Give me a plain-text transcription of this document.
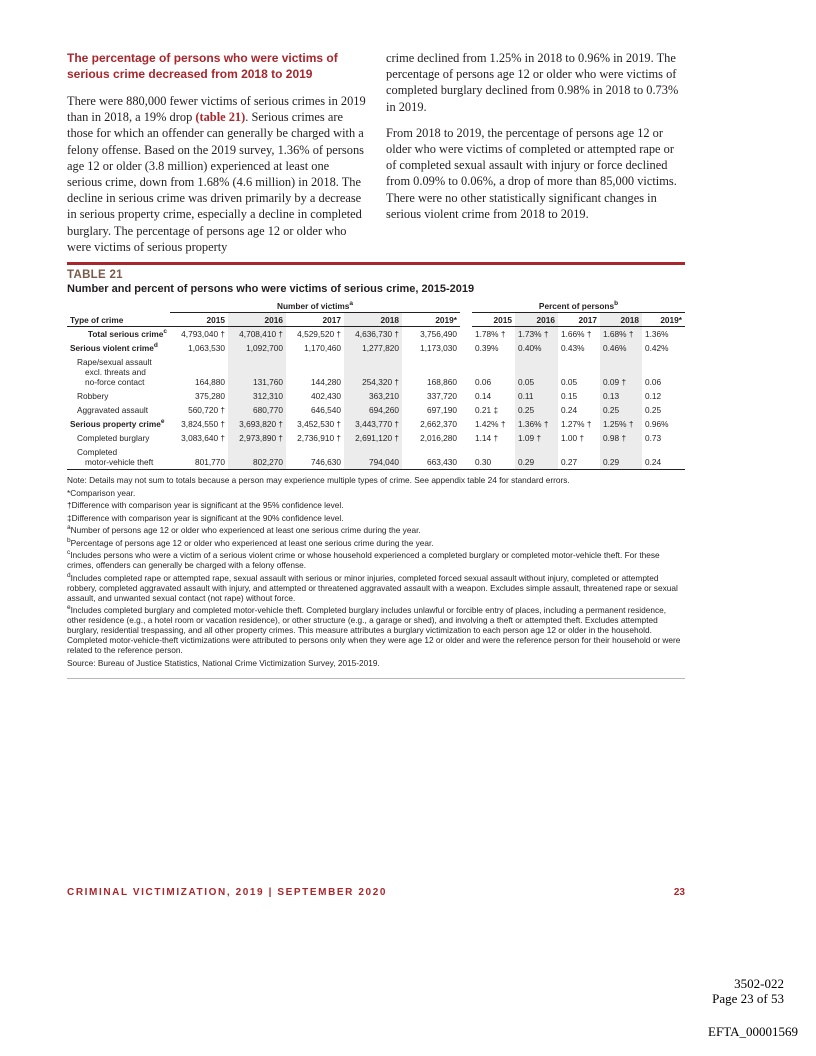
The percentage of persons who were victims of serious crime decreased from 2018 to 2019

There were 880,000 fewer victims of serious crimes in 2019 than in 2018, a 19% drop (table 21). Serious crimes are those for which an offender can generally be charged with a felony offense. Based on the 2019 survey, 1.36% of persons age 12 or older (3.8 million) experienced at least one serious crime, down from 1.68% (4.6 million) in 2018. The decline in serious crime was driven primarily by a decrease in serious property crime, especially a decline in completed burglary. The percentage of persons age 12 or older who were victims of serious property

crime declined from 1.25% in 2018 to 0.96% in 2019. The percentage of persons age 12 or older who were victims of completed burglary declined from 0.98% in 2018 to 0.73% in 2019.

From 2018 to 2019, the percentage of persons age 12 or older who were victims of completed or attempted rape or of completed sexual assault with injury or force declined from 0.09% to 0.06%, a drop of more than 85,000 victims. There were no other statistically significant changes in serious violent crime from 2018 to 2019.

TABLE 21
Number and percent of persons who were victims of serious crime, 2015-2019
	Number of victims$^a$						Percent of persons$^b$
Type of crime	2015	2016	2017	2018	2019*		2015	2016	2017	2018	2019*
Total serious crime$^c$	4,793,040 †	4,708,410 †	4,529,520 †	4,636,730 †	3,756,490		1.78% †	1.73% †	1.66% †	1.68% †	1.36%
Serious violent crime$^d$	1,063,530	1,092,700	1,170,460	1,277,820	1,173,030		0.39%	0.40%	0.43%	0.46%	0.42%

Rape/sexual assault
excl. threats and
no-force contact	164,880	131,760	144,280	254,320 †	168,860		0.06	0.05	0.05	0.09 †	0.06
Robbery	375,280	312,310	402,430	363,210	337,720		0.14	0.11	0.15	0.13	0.12
Aggravated assault	560,720 †	680,770	646,540	694,260	697,190		0.21 ‡	0.25	0.24	0.25	0.25
Serious property crime$^e$	3,824,550 †	3,693,820 †	3,452,530 †	3,443,770 †	2,662,370		1.42% †	1.36% †	1.27% †	1.25% †	0.96%
Completed burglary	3,083,640 †	2,973,890 †	2,736,910 †	2,691,120 †	2,016,280		1.14 †	1.09 †	1.00 †	0.98 †	0.73

Completed
motor-vehicle theft	801,770	802,270	746,630	794,040	663,430		0.30	0.29	0.27	0.29	0.24
Note: Details may not sum to totals because a person may experience multiple types of crime. See appendix table 24 for standard errors.
*Comparison year.
†Difference with comparison year is significant at the 95% confidence level.
‡Difference with comparison year is significant at the 90% confidence level.
$^a$Number of persons age 12 or older who experienced at least one serious crime during the year.
$^b$Percentage of persons age 12 or older who experienced at least one serious crime during the year.
$^c$Includes persons who were a victim of a serious violent crime or whose household experienced a completed burglary or completed motor-vehicle theft. For these crimes, offenders can generally be charged with a felony offense.
$^d$Includes completed rape or attempted rape, sexual assault with serious or minor injuries, completed forced sexual assault without injury, completed or attempted robbery, completed aggravated assault with injury, and attempted or threatened aggravated assault with a weapon. Excludes simple assault, threatened rape or sexual assault, and unwanted sexual contact (not rape) without force.
$^e$Includes completed burglary and completed motor-vehicle theft. Completed burglary includes unlawful or forcible entry of places, including a permanent residence, other residence (e.g., a hotel room or vacation residence), or other structure (e.g., a garage or shed), and involving a theft or attempted theft. Excludes attempted burglary, residential trespassing, and all other property crimes. This measure attributes a burglary victimization to each person age 12 or older in the household. Completed motor-vehicle-theft victimizations were attributed to persons only when they were age 12 or older and were the reference person for their household or were related to the reference person.
Source: Bureau of Justice Statistics, National Crime Victimization Survey, 2015-2019.
CRIMINAL VICTIMIZATION, 2019 | SEPTEMBER 2020	23
3502-022
Page 23 of 53
EFTA_00001569
